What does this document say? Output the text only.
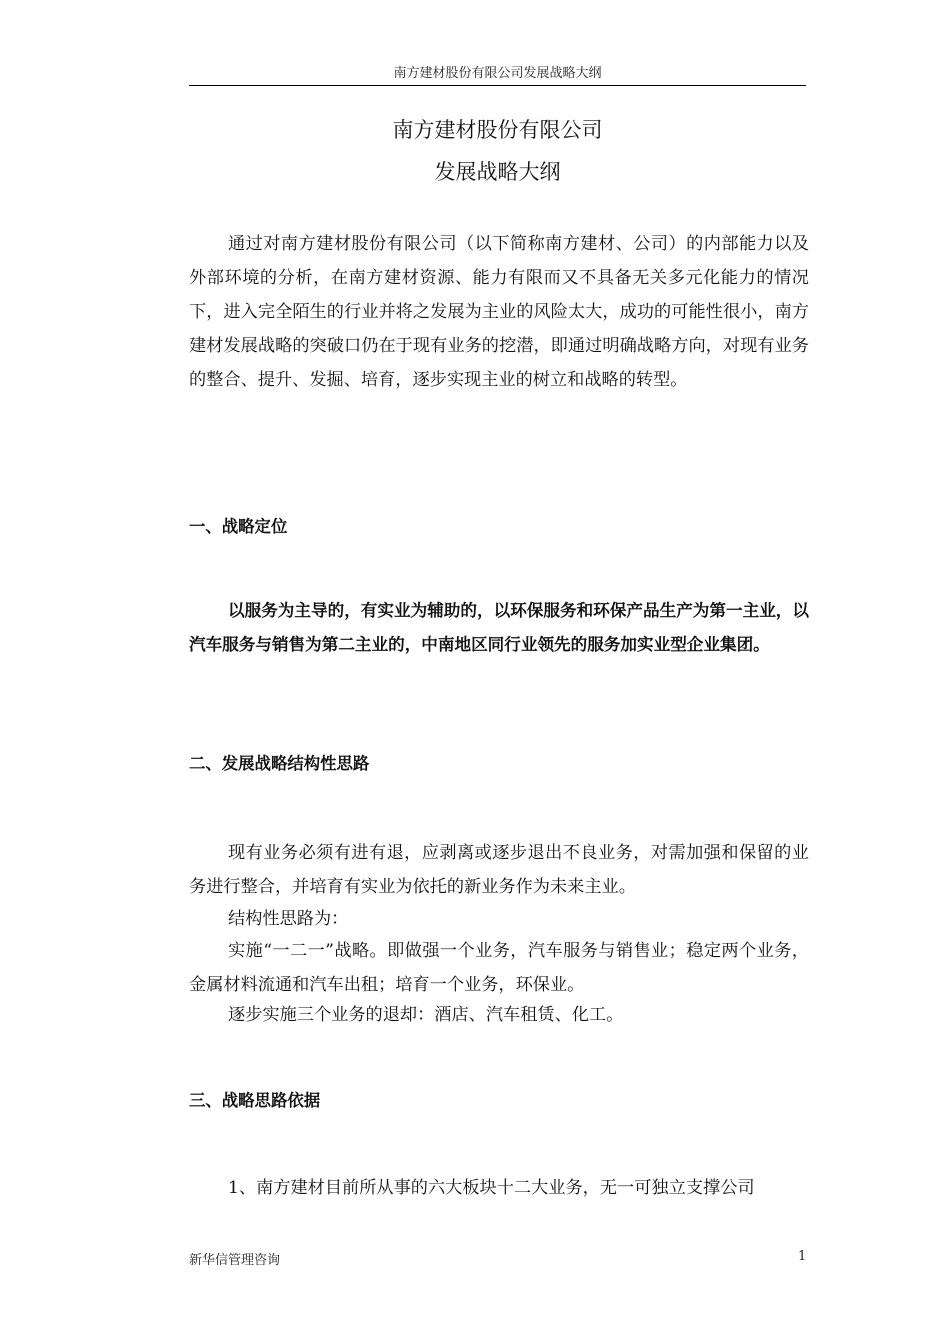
南方建材股份有限公司发展战略大纲
南方建材股份有限公司
发展战略大纲

通过对南方建材股份有限公司（以下简称南方建材、公司）的内部能力以及外部环境的分析，在南方建材资源、能力有限而又不具备无关多元化能力的情况下，进入完全陌生的行业并将之发展为主业的风险太大，成功的可能性很小，南方建材发展战略的突破口仍在于现有业务的挖潜，即通过明确战略方向，对现有业务的整合、提升、发掘、培育，逐步实现主业的树立和战略的转型。

一、战略定位

以服务为主导的，有实业为辅助的，以环保服务和环保产品生产为第一主业，以汽车服务与销售为第二主业的，中南地区同行业领先的服务加实业型企业集团。

二、发展战略结构性思路

现有业务必须有进有退，应剥离或逐步退出不良业务，对需加强和保留的业务进行整合，并培育有实业为依托的新业务作为未来主业。

结构性思路为：

实施“一二一”战略。即做强一个业务，汽车服务与销售业；稳定两个业务，金属材料流通和汽车出租；培育一个业务，环保业。

逐步实施三个业务的退却：酒店、汽车租赁、化工。

三、战略思路依据

1、南方建材目前所从事的六大板块十二大业务，无一可独立支撑公司

新华信管理咨询	1
